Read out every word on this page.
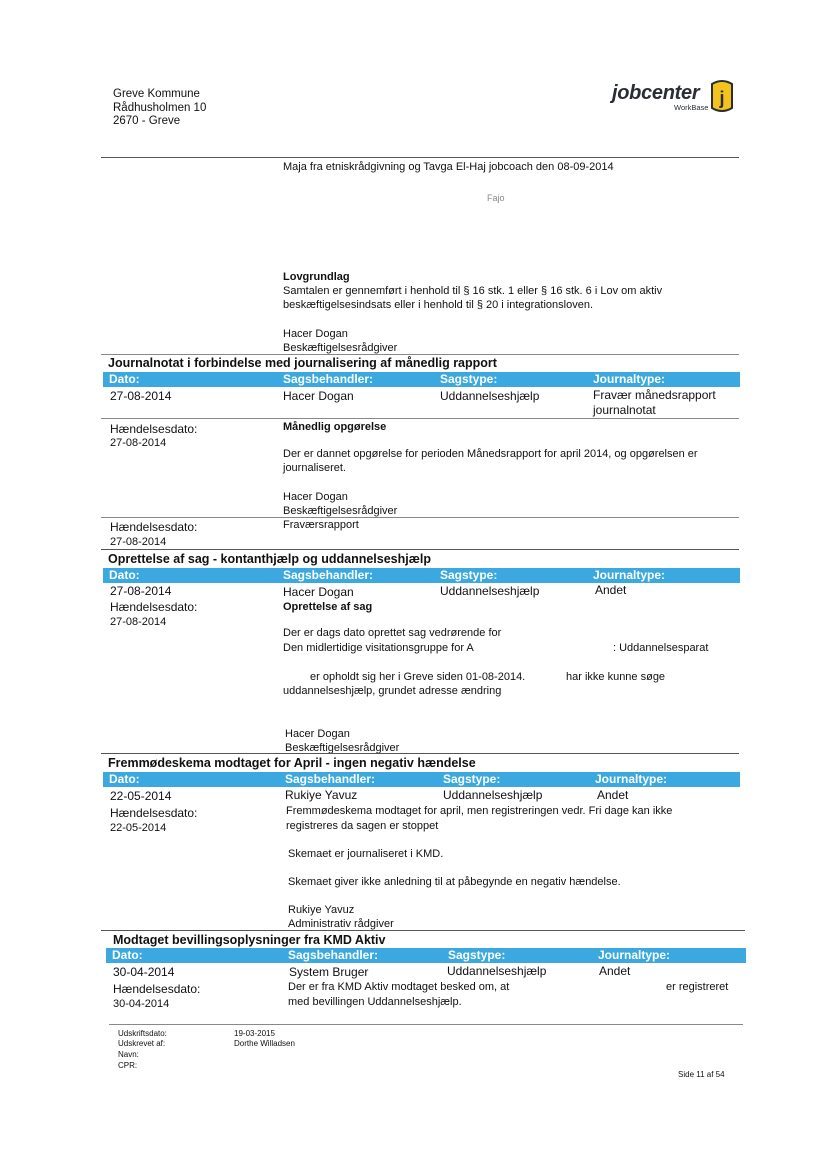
Greve Kommune
Rådhusholmen 10
2670 - Greve
jobcenter
WorkBase j
Maja fra etniskrådgivning og Tavga El-Haj jobcoach den 08-09-2014
Fajo
Lovgrundlag
Samtalen er gennemført i henhold til § 16 stk. 1 eller § 16 stk. 6 i Lov om aktiv
beskæftigelsesindsats eller i henhold til § 20 i integrationsloven.
Hacer Dogan
Beskæftigelsesrådgiver
Journalnotat i forbindelse med journalisering af månedlig rapport
Dato:	Sagsbehandler:	Sagstype:	Journaltype:
27-08-2014	Hacer Dogan	Uddannelseshjælp	Fravær månedsrapport
journalnotat
Hændelsesdato:
27-08-2014
Månedlig opgørelse
Der er dannet opgørelse for perioden Månedsrapport for april 2014, og opgørelsen er
journaliseret.
Hacer Dogan
Beskæftigelsesrådgiver
Hændelsesdato:	Fraværsrapport
27-08-2014
Oprettelse af sag - kontanthjælp og uddannelseshjælp
Dato:	Sagsbehandler:	Sagstype:	Journaltype:
27-08-2014	Hacer Dogan	Uddannelseshjælp	Andet
Hændelsesdato:
27-08-2014
Oprettelse af sag
Der er dags dato oprettet sag vedrørende for
Den midlertidige visitationsgruppe for A	: Uddannelsesparat
er opholdt sig her i Greve siden 01-08-2014.	har ikke kunne søge
uddannelseshjælp, grundet adresse ændring
Hacer Dogan
Beskæftigelsesrådgiver
Fremmødeskema modtaget for April - ingen negativ hændelse
Dato:	Sagsbehandler:	Sagstype:	Journaltype:
22-05-2014	Rukiye Yavuz	Uddannelseshjælp	Andet
Hændelsesdato:
22-05-2014
Fremmødeskema modtaget for april, men registreringen vedr. Fri dage kan ikke
registreres da sagen er stoppet
Skemaet er journaliseret i KMD.
Skemaet giver ikke anledning til at påbegynde en negativ hændelse.
Rukiye Yavuz
Administrativ rådgiver
Modtaget bevillingsoplysninger fra KMD Aktiv
Dato:	Sagsbehandler:	Sagstype:	Journaltype:
30-04-2014	System Bruger	Uddannelseshjælp	Andet
Hændelsesdato:
30-04-2014
Der er fra KMD Aktiv modtaget besked om, at	er registreret
med bevillingen Uddannelseshjælp.
Udskriftsdato:	19-03-2015
Udskrevet af:	Dorthe Willadsen
Navn:
CPR:
Side 11 af 54
